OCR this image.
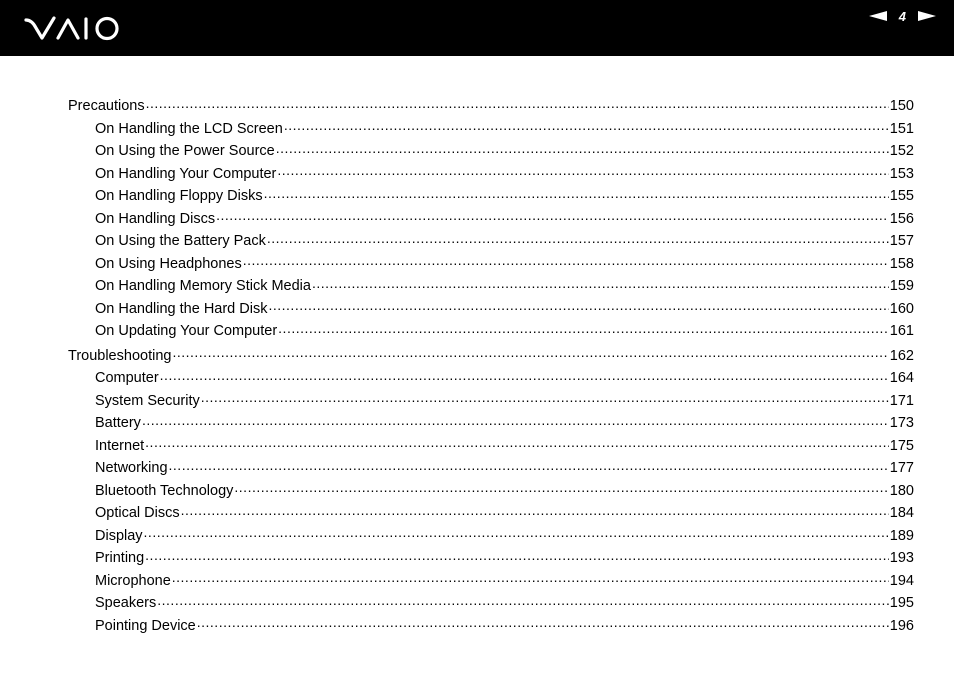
4
Precautions .....	150
On Handling the LCD Screen .....	151
On Using the Power Source .....	152
On Handling Your Computer .....	153
On Handling Floppy Disks .....	155
On Handling Discs .....	156
On Using the Battery Pack .....	157
On Using Headphones .....	158
On Handling Memory Stick Media .....	159
On Handling the Hard Disk .....	160
On Updating Your Computer .....	161
Troubleshooting .....	162
Computer .....	164
System Security .....	171
Battery .....	173
Internet .....	175
Networking .....	177
Bluetooth Technology .....	180
Optical Discs .....	184
Display .....	189
Printing .....	193
Microphone .....	194
Speakers .....	195
Pointing Device .....	196
